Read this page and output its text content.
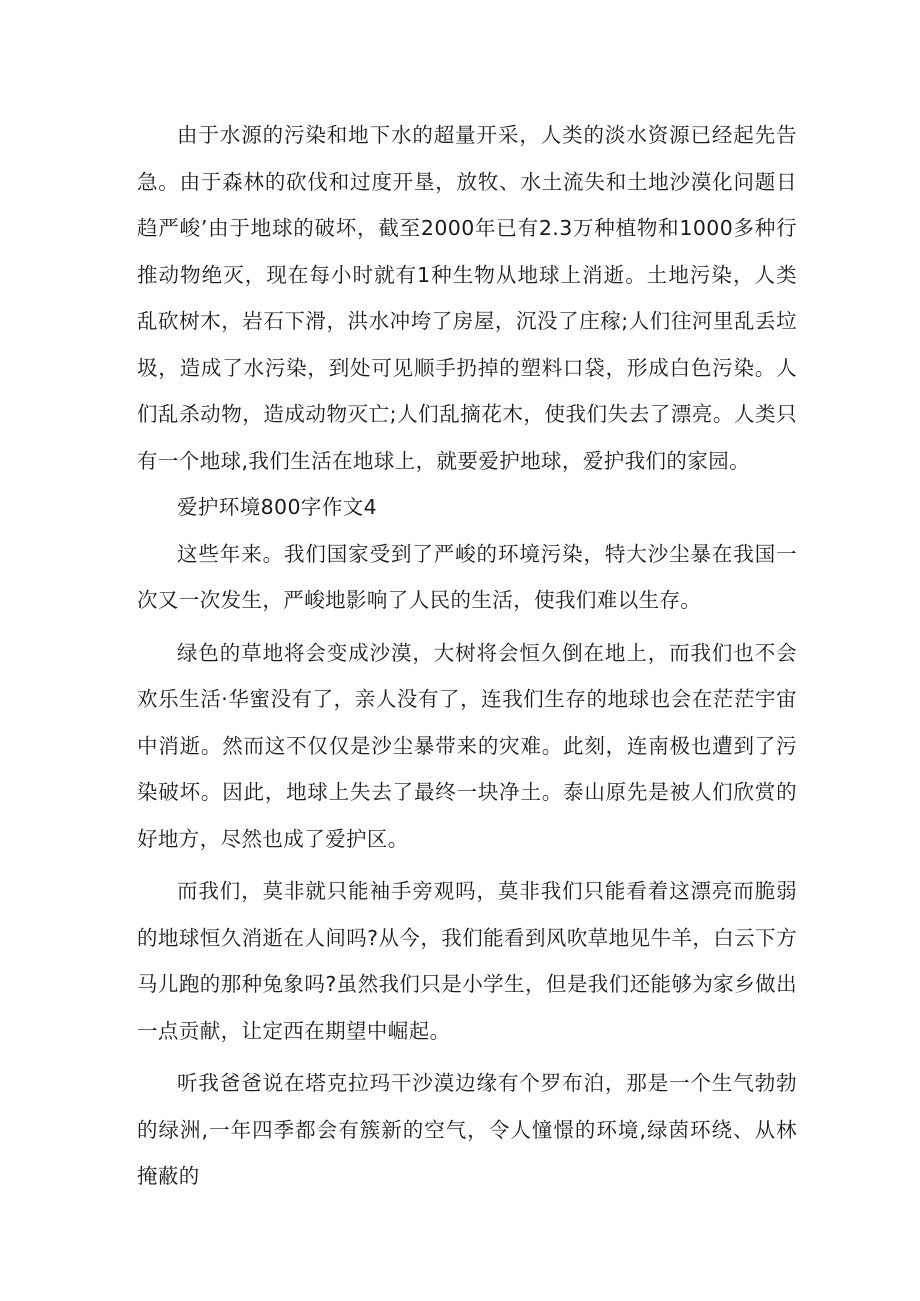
由于水源的污染和地下水的超量开采，人类的淡水资源已经起先告急。由于森林的砍伐和过度开垦，放牧、水土流失和土地沙漠化问题日趋严峻’由于地球的破坏，截至2000年已有2.3万种植物和1000多种行推动物绝灭，现在每小时就有1种生物从地球上消逝。土地污染，人类乱砍树木，岩石下滑，洪水冲垮了房屋，沉没了庄稼;人们往河里乱丢垃圾，造成了水污染，到处可见顺手扔掉的塑料口袋，形成白色污染。人们乱杀动物，造成动物灭亡;人们乱摘花木，使我们失去了漂亮。人类只有一个地球,我们生活在地球上，就要爱护地球，爱护我们的家园。

爱护环境800字作文4

这些年来。我们国家受到了严峻的环境污染，特大沙尘暴在我国一次又一次发生，严峻地影响了人民的生活，使我们难以生存。

绿色的草地将会变成沙漠，大树将会恒久倒在地上，而我们也不会欢乐生活·华蜜没有了，亲人没有了，连我们生存的地球也会在茫茫宇宙中消逝。然而这不仅仅是沙尘暴带来的灾难。此刻，连南极也遭到了污染破坏。因此，地球上失去了最终一块净土。泰山原先是被人们欣赏的好地方，尽然也成了爱护区。

而我们，莫非就只能袖手旁观吗，莫非我们只能看着这漂亮而脆弱的地球恒久消逝在人间吗?从今，我们能看到风吹草地见牛羊，白云下方马儿跑的那种兔象吗?虽然我们只是小学生，但是我们还能够为家乡做出一点贡献，让定西在期望中崛起。

听我爸爸说在塔克拉玛干沙漠边缘有个罗布泊，那是一个生气勃勃的绿洲,一年四季都会有簇新的空气，令人憧憬的环境,绿茵环绕、从林掩蔽的
